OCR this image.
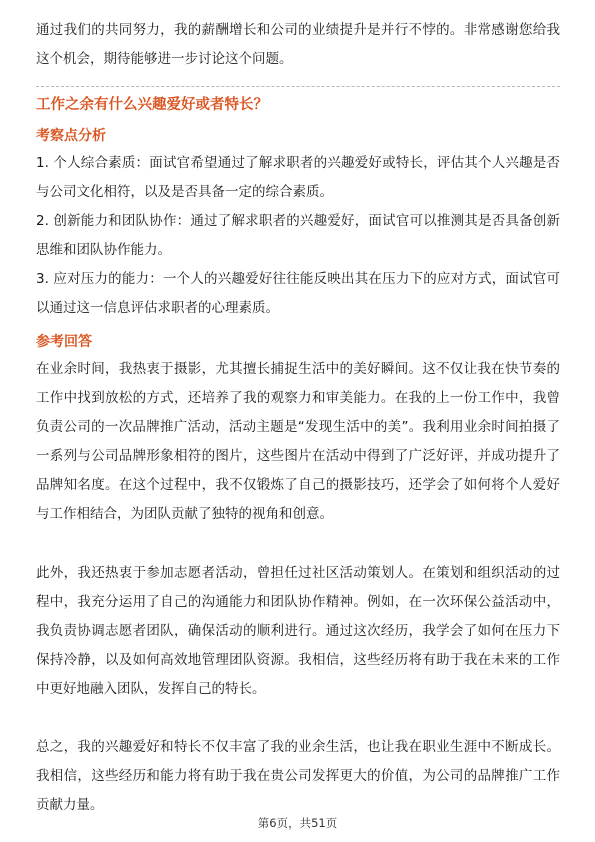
通过我们的共同努力，我的薪酬增长和公司的业绩提升是并行不悖的。非常感谢您给我这个机会，期待能够进一步讨论这个问题。

工作之余有什么兴趣爱好或者特长？
考察点分析
1. 个人综合素质：面试官希望通过了解求职者的兴趣爱好或特长，评估其个人兴趣是否与公司文化相符，以及是否具备一定的综合素质。
2. 创新能力和团队协作：通过了解求职者的兴趣爱好，面试官可以推测其是否具备创新思维和团队协作能力。
3. 应对压力的能力：一个人的兴趣爱好往往能反映出其在压力下的应对方式，面试官可以通过这一信息评估求职者的心理素质。
参考回答

在业余时间，我热衷于摄影，尤其擅长捕捉生活中的美好瞬间。这不仅让我在快节奏的工作中找到放松的方式，还培养了我的观察力和审美能力。在我的上一份工作中，我曾负责公司的一次品牌推广活动，活动主题是“发现生活中的美”。我利用业余时间拍摄了一系列与公司品牌形象相符的图片，这些图片在活动中得到了广泛好评，并成功提升了品牌知名度。在这个过程中，我不仅锻炼了自己的摄影技巧，还学会了如何将个人爱好与工作相结合，为团队贡献了独特的视角和创意。

此外，我还热衷于参加志愿者活动，曾担任过社区活动策划人。在策划和组织活动的过程中，我充分运用了自己的沟通能力和团队协作精神。例如，在一次环保公益活动中，我负责协调志愿者团队，确保活动的顺利进行。通过这次经历，我学会了如何在压力下保持冷静，以及如何高效地管理团队资源。我相信，这些经历将有助于我在未来的工作中更好地融入团队，发挥自己的特长。

总之，我的兴趣爱好和特长不仅丰富了我的业余生活，也让我在职业生涯中不断成长。我相信，这些经历和能力将有助于我在贵公司发挥更大的价值，为公司的品牌推广工作贡献力量。

第6页，共51页
